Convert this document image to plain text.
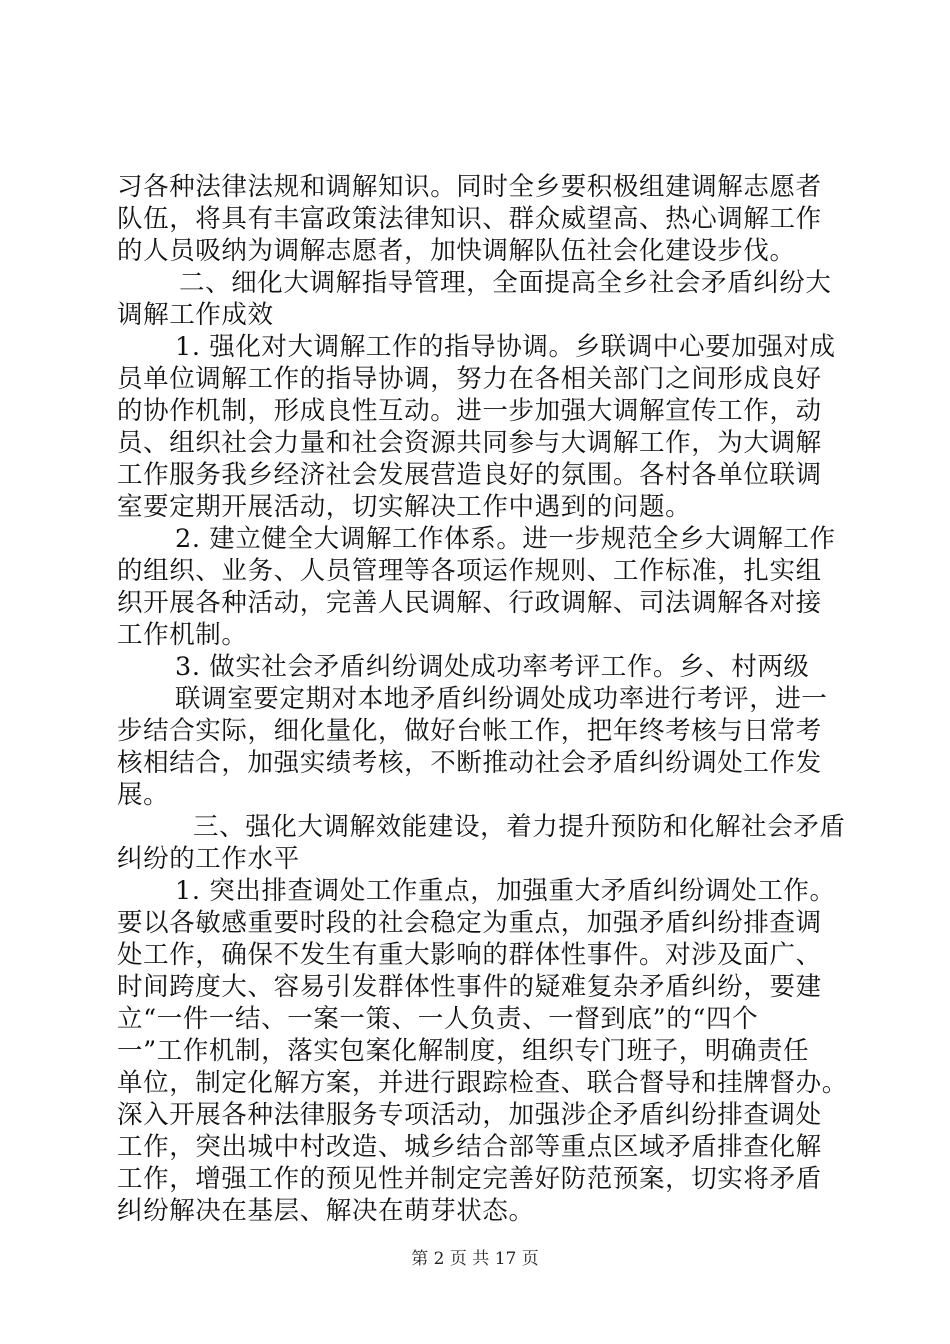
习各种法律法规和调解知识。同时全乡要积极组建调解志愿者
队伍，将具有丰富政策法律知识、群众威望高、热心调解工作
的人员吸纳为调解志愿者，加快调解队伍社会化建设步伐。
二、细化大调解指导管理，全面提高全乡社会矛盾纠纷大
调解工作成效
1. 强化对大调解工作的指导协调。乡联调中心要加强对成
员单位调解工作的指导协调，努力在各相关部门之间形成良好
的协作机制，形成良性互动。进一步加强大调解宣传工作，动
员、组织社会力量和社会资源共同参与大调解工作，为大调解
工作服务我乡经济社会发展营造良好的氛围。各村各单位联调
室要定期开展活动，切实解决工作中遇到的问题。
2. 建立健全大调解工作体系。进一步规范全乡大调解工作
的组织、业务、人员管理等各项运作规则、工作标准，扎实组
织开展各种活动，完善人民调解、行政调解、司法调解各对接
工作机制。
3. 做实社会矛盾纠纷调处成功率考评工作。乡、村两级
联调室要定期对本地矛盾纠纷调处成功率进行考评，进一
步结合实际，细化量化，做好台帐工作，把年终考核与日常考
核相结合，加强实绩考核，不断推动社会矛盾纠纷调处工作发
展。
三、强化大调解效能建设，着力提升预防和化解社会矛盾
纠纷的工作水平
1. 突出排查调处工作重点，加强重大矛盾纠纷调处工作。
要以各敏感重要时段的社会稳定为重点，加强矛盾纠纷排查调
处工作，确保不发生有重大影响的群体性事件。对涉及面广、
时间跨度大、容易引发群体性事件的疑难复杂矛盾纠纷，要建
立“一件一结、一案一策、一人负责、一督到底”的“四个
一”工作机制，落实包案化解制度，组织专门班子，明确责任
单位，制定化解方案，并进行跟踪检查、联合督导和挂牌督办。
深入开展各种法律服务专项活动，加强涉企矛盾纠纷排查调处
工作，突出城中村改造、城乡结合部等重点区域矛盾排查化解
工作，增强工作的预见性并制定完善好防范预案，切实将矛盾
纠纷解决在基层、解决在萌芽状态。
第 2 页 共 17 页
